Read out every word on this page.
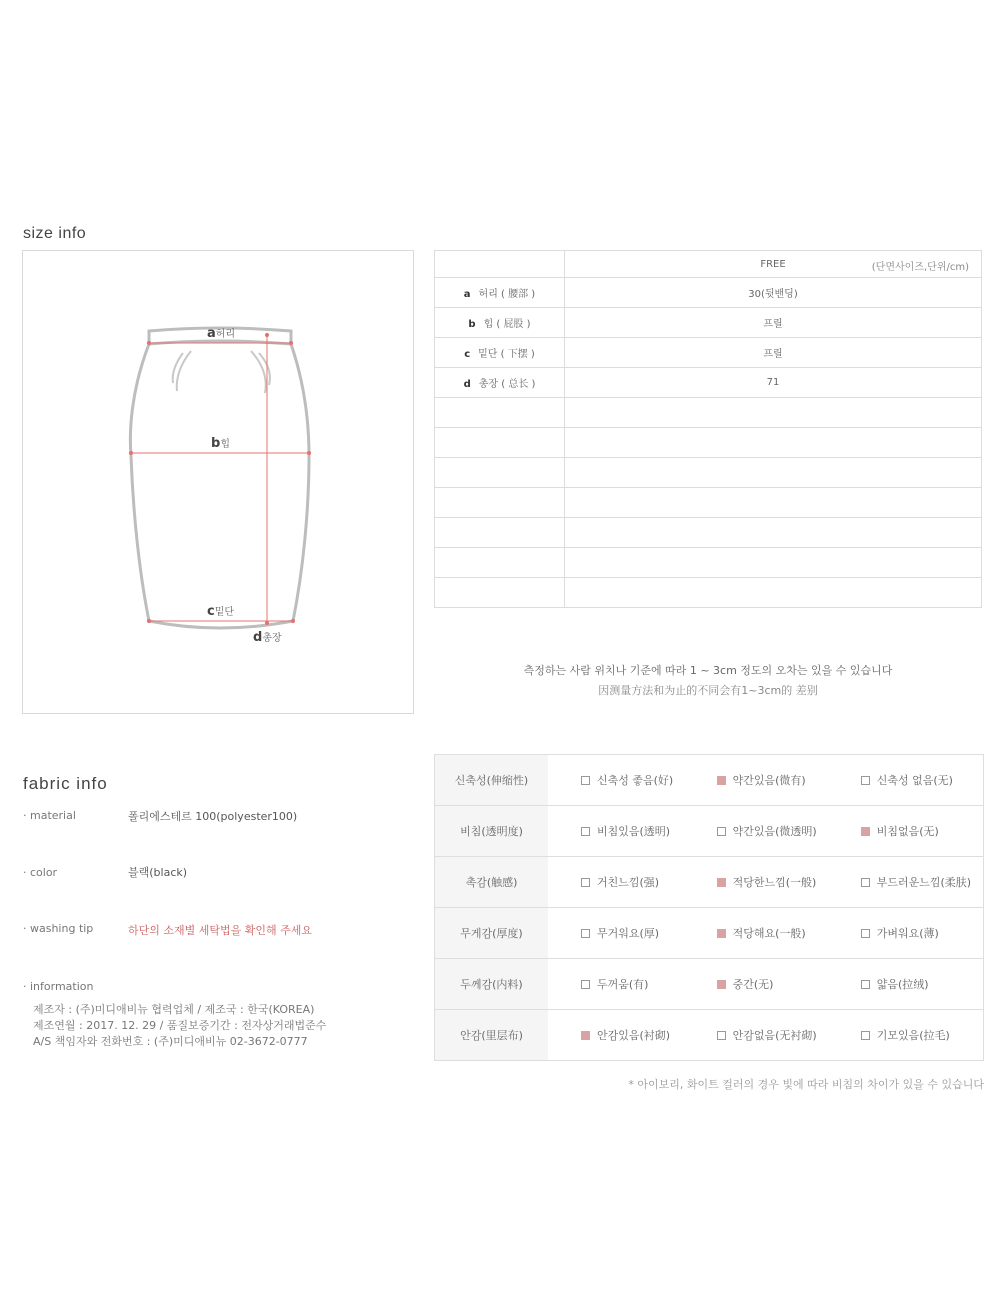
size info
a허리
b힙
c밑단
d총장
	FREE (단면사이즈,단위/cm)

a 허리 ( 腰部 )	30(뒷밴딩)
b 힙 ( 屁股 )	프릴
c 밑단 ( 下摆 )	프릴
d 총장 ( 总长 )	71

측정하는 사람 위치나 기준에 따라 1 ~ 3cm 정도의 오차는 있을 수 있습니다
因测量方法和为止的不同会有1~3cm的 差别
fabric info
· material	폴리에스테르 100(polyester100)
· color	블랙(black)
· washing tip	하단의 소재별 세탁법을 확인해 주세요
· information
제조자 : (주)미디애비뉴 협력업체 / 제조국 : 한국(KOREA)
제조연월 : 2017. 12. 29 / 품질보증기간 : 전자상거래법준수
A/S 책임자와 전화번호 : (주)미디애비뉴 02-3672-0777
신축성(伸缩性)	신축성 좋음(好)	약간있음(微有)	신축성 없음(无)
비침(透明度)	비침있음(透明)	약간있음(微透明)	비침없음(无)
촉감(触感)	거친느낌(强)	적당한느낌(一般)	부드러운느낌(柔肤)
무게감(厚度)	무거워요(厚)	적당해요(一般)	가벼워요(薄)
두께감(内料)	두꺼움(有)	중간(无)	얇음(拉绒)
안감(里层布)	안감있음(衬砌)	안감없음(无衬砌)	기모있음(拉毛)
* 아이보리, 화이트 컬러의 경우 빛에 따라 비침의 차이가 있을 수 있습니다
